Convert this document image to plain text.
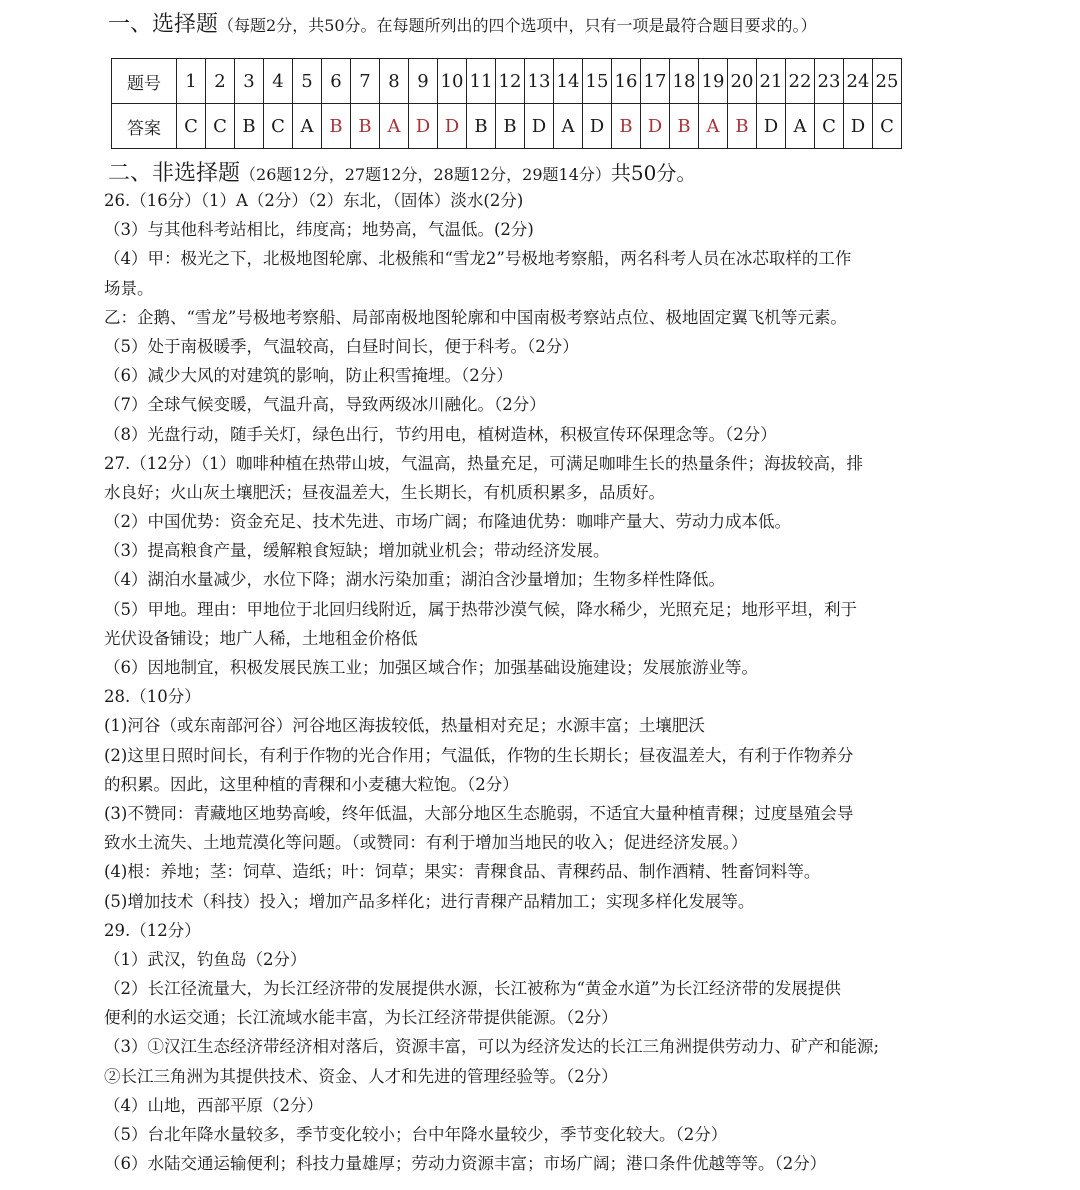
一、选择题（每题2分，共50分。在每题所列出的四个选项中，只有一项是最符合题目要求的。）
题号	1	2	3	4	5	6	7	8	9	10	11	12	13	14	15	16	17	18	19	20	21	22	23	24	25
答案	C	C	B	C	A	B	B	A	D	D	B	B	D	A	D	B	D	B	A	B	D	A	C	D	C
二、非选择题（26题12分，27题12分，28题12分，29题14分）共50分。
26.（16分）（1）A（2分）（2）东北，（固体）淡水(2分)
（3）与其他科考站相比，纬度高；地势高，气温低。(2分)
（4）甲：极光之下，北极地图轮廓、北极熊和“雪龙2”号极地考察船，两名科考人员在冰芯取样的工作
场景。
乙：企鹅、“雪龙”号极地考察船、局部南极地图轮廓和中国南极考察站点位、极地固定翼飞机等元素。
（5）处于南极暖季，气温较高，白昼时间长，便于科考。（2分）
（6）减少大风的对建筑的影响，防止积雪掩埋。（2分）
（7）全球气候变暖，气温升高，导致两级冰川融化。（2分）
（8）光盘行动，随手关灯，绿色出行，节约用电，植树造林，积极宣传环保理念等。（2分）
27.（12分）（1）咖啡种植在热带山坡，气温高，热量充足，可满足咖啡生长的热量条件；海拔较高，排
水良好；火山灰土壤肥沃；昼夜温差大，生长期长，有机质积累多，品质好。
（2）中国优势：资金充足、技术先进、市场广阔；布隆迪优势：咖啡产量大、劳动力成本低。
（3）提高粮食产量，缓解粮食短缺；增加就业机会；带动经济发展。
（4）湖泊水量减少，水位下降；湖水污染加重；湖泊含沙量增加；生物多样性降低。
（5）甲地。理由：甲地位于北回归线附近，属于热带沙漠气候，降水稀少，光照充足；地形平坦，利于
光伏设备铺设；地广人稀，土地租金价格低
（6）因地制宜，积极发展民族工业；加强区域合作；加强基础设施建设；发展旅游业等。
28.（10分）
(1)河谷（或东南部河谷）河谷地区海拔较低，热量相对充足；水源丰富；土壤肥沃
(2)这里日照时间长，有利于作物的光合作用；气温低，作物的生长期长；昼夜温差大，有利于作物养分
的积累。因此，这里种植的青稞和小麦穗大粒饱。（2分）
(3)不赞同：青藏地区地势高峻，终年低温，大部分地区生态脆弱，不适宜大量种植青稞；过度垦殖会导
致水土流失、土地荒漠化等问题。（或赞同：有利于增加当地民的收入；促进经济发展。）
(4)根：养地；茎：饲草、造纸；叶：饲草；果实：青稞食品、青稞药品、制作酒精、牲畜饲料等。
(5)增加技术（科技）投入；增加产品多样化；进行青稞产品精加工；实现多样化发展等。
29.（12分）
（1）武汉，钓鱼岛（2分）
（2）长江径流量大，为长江经济带的发展提供水源，长江被称为“黄金水道”为长江经济带的发展提供
便利的水运交通；长江流域水能丰富，为长江经济带提供能源。（2分）
（3）①汉江生态经济带经济相对落后，资源丰富，可以为经济发达的长江三角洲提供劳动力、矿产和能源;
②长江三角洲为其提供技术、资金、人才和先进的管理经验等。（2分）
（4）山地，西部平原（2分）
（5）台北年降水量较多，季节变化较小；台中年降水量较少，季节变化较大。（2分）
（6）水陆交通运输便利；科技力量雄厚；劳动力资源丰富；市场广阔；港口条件优越等等。（2分）
